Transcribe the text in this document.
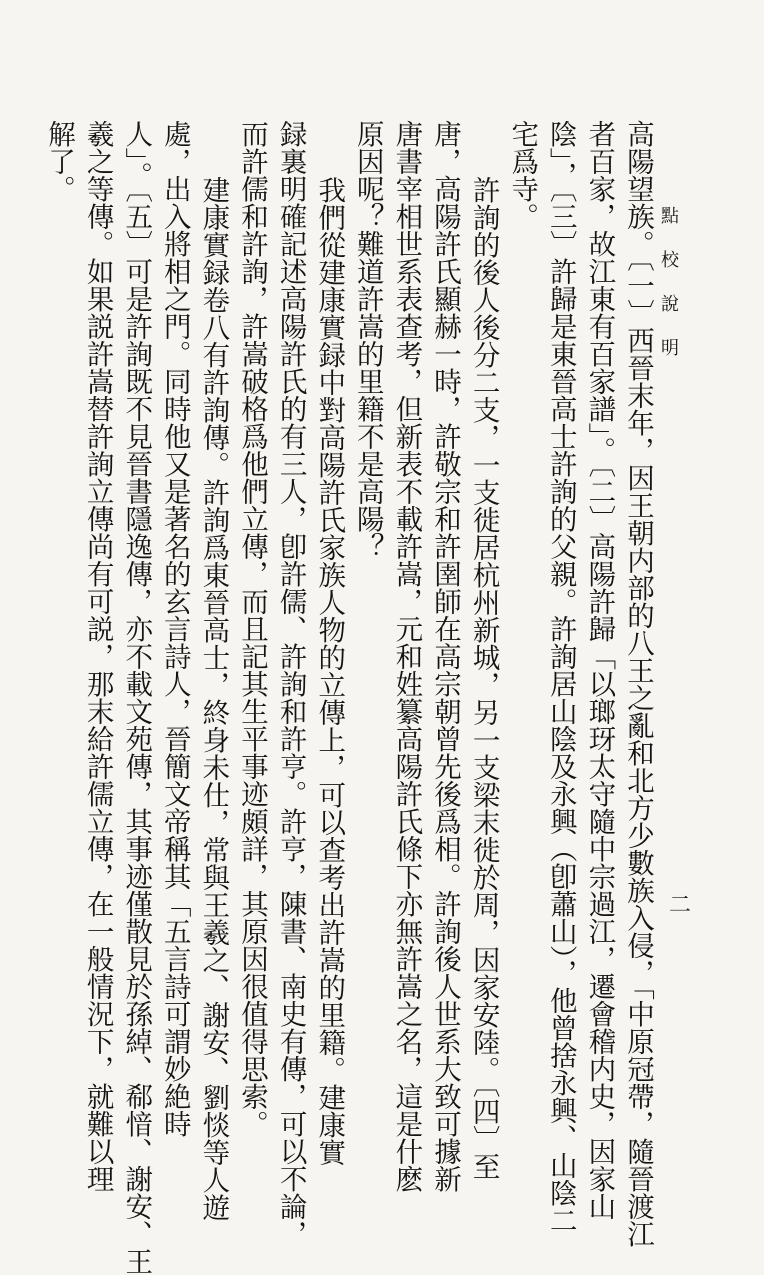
點
校
說
明
二
高陽望族。〔一〕西晉末年，因王朝内部的八王之亂和北方少數族入侵，「中原冠帶，隨晉渡江
者百家，故江東有百家譜」。〔二〕高陽許歸「以瑯玡太守隨中宗過江，遷會稽内史，因家山
陰」，〔三〕許歸是東晉高士許詢的父親。許詢居山陰及永興（卽蕭山），他曾捨永興、山陰二
宅爲寺。
許詢的後人後分二支，一支徙居杭州新城，另一支梁末徙於周，因家安陸。〔四〕至
唐，高陽許氏顯赫一時，許敬宗和許圉師在高宗朝曾先後爲相。許詢後人世系大致可據新
唐書宰相世系表查考，但新表不載許嵩，元和姓纂高陽許氏條下亦無許嵩之名，這是什麽
原因呢？難道許嵩的里籍不是高陽？
我們從建康實録中對高陽許氏家族人物的立傳上，可以查考出許嵩的里籍。建康實
録裏明確記述高陽許氏的有三人，卽許儒、許詢和許亨。許亨，陳書、南史有傳，可以不論，
而許儒和許詢，許嵩破格爲他們立傳，而且記其生平事迹頗詳，其原因很值得思索。
建康實録卷八有許詢傳。許詢爲東晉高士，終身未仕，常與王羲之、謝安、劉惔等人遊
處，出入將相之門。同時他又是著名的玄言詩人，晉簡文帝稱其「五言詩可謂妙絶時
人」。〔五〕可是許詢既不見晉書隱逸傳，亦不載文苑傳，其事迹僅散見於孫綽、郗愔、謝安、王
羲之等傳。如果説許嵩替許詢立傳尚有可説，那末給許儒立傳，在一般情況下，就難以理
解了。
